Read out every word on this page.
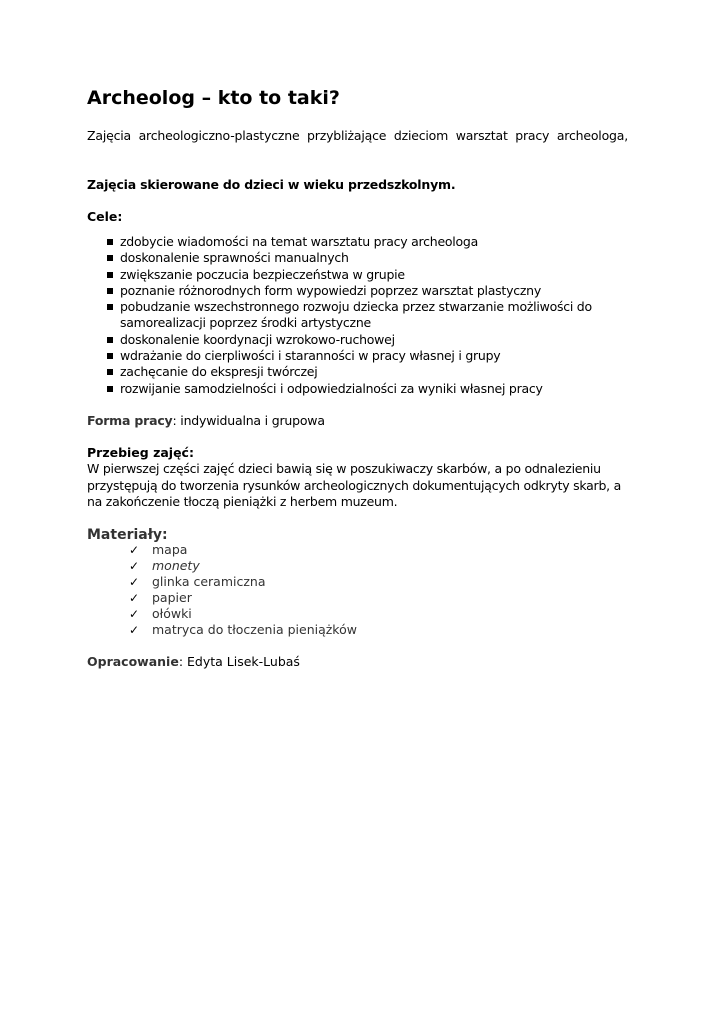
Archeolog – kto to taki?
Zajęcia archeologiczno-plastyczne przybliżające dzieciom warsztat pracy archeologa,
Zajęcia skierowane do dzieci w wieku przedszkolnym.
Cele:
zdobycie wiadomości na temat warsztatu pracy archeologa
doskonalenie sprawności manualnych
zwiększanie poczucia bezpieczeństwa w grupie
poznanie różnorodnych form wypowiedzi poprzez warsztat plastyczny
pobudzanie wszechstronnego rozwoju dziecka przez stwarzanie możliwości do samorealizacji poprzez środki artystyczne
doskonalenie koordynacji wzrokowo-ruchowej
wdrażanie do cierpliwości i staranności w pracy własnej i grupy
zachęcanie do ekspresji twórczej
rozwijanie samodzielności i odpowiedzialności za wyniki własnej pracy
Forma pracy: indywidualna i grupowa
Przebieg zajęć:
W pierwszej części zajęć dzieci bawią się w poszukiwaczy skarbów, a po odnalezieniu przystępują do tworzenia rysunków archeologicznych dokumentujących odkryty skarb, a na zakończenie tłoczą pieniążki z herbem muzeum.
Materiały:
✓ mapa
✓ monety
✓ glinka ceramiczna
✓ papier
✓ ołówki
✓ matryca do tłoczenia pieniążków
Opracowanie: Edyta Lisek-Lubaś
